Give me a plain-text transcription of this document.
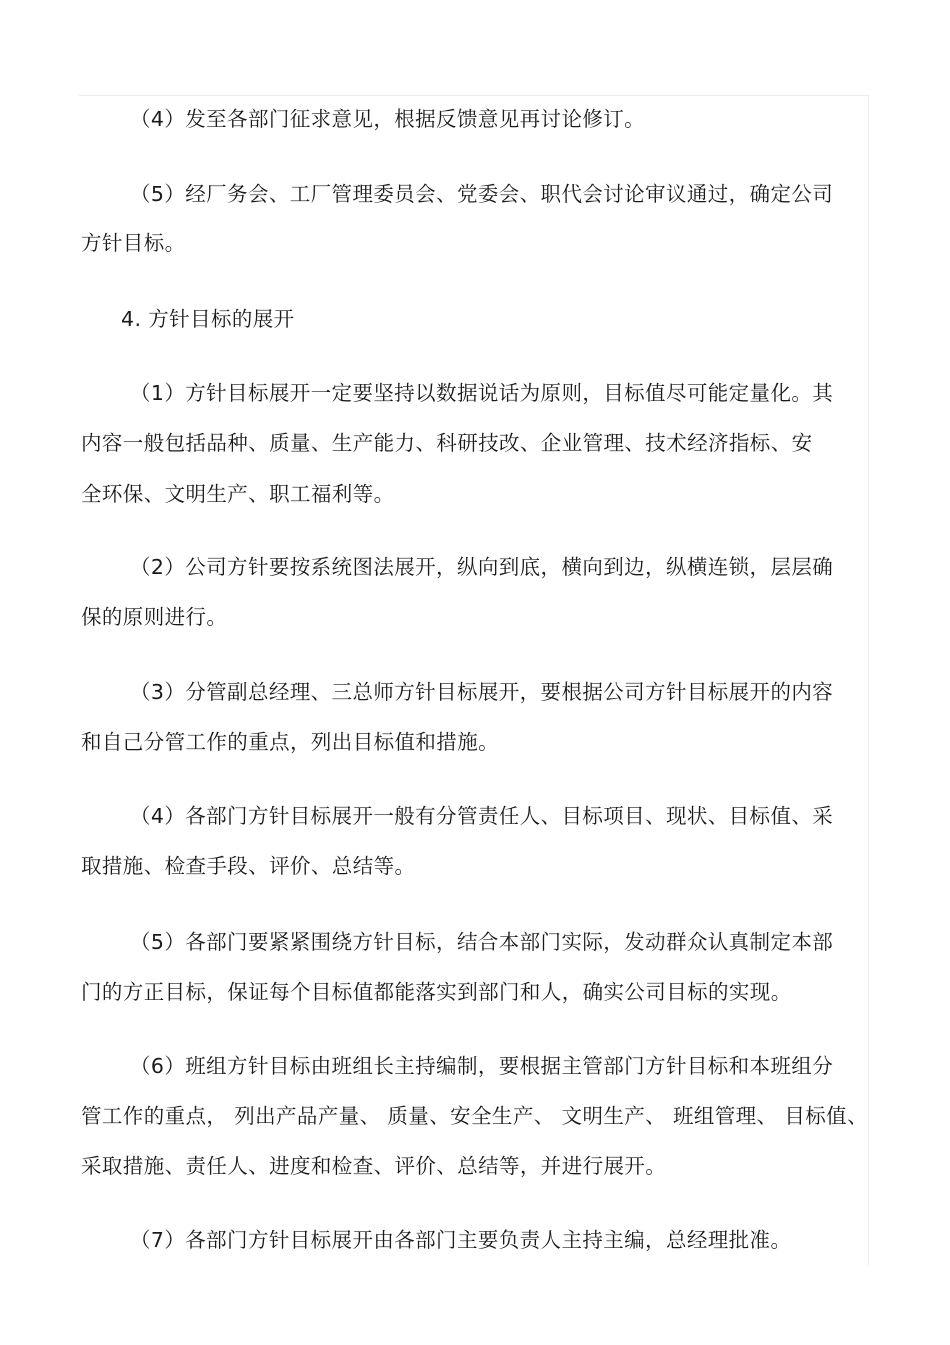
（4）发至各部门征求意见，根据反馈意见再讨论修订。
（5）经厂务会、工厂管理委员会、党委会、职代会讨论审议通过，确定公司
方针目标。
4. 方针目标的展开
（1）方针目标展开一定要坚持以数据说话为原则，目标值尽可能定量化。其
内容一般包括品种、质量、生产能力、科研技改、企业管理、技术经济指标、安
全环保、文明生产、职工福利等。
（2）公司方针要按系统图法展开，纵向到底，横向到边，纵横连锁，层层确
保的原则进行。
（3）分管副总经理、三总师方针目标展开，要根据公司方针目标展开的内容
和自己分管工作的重点，列出目标值和措施。
（4）各部门方针目标展开一般有分管责任人、目标项目、现状、目标值、采
取措施、检查手段、评价、总结等。
（5）各部门要紧紧围绕方针目标，结合本部门实际，发动群众认真制定本部
门的方正目标，保证每个目标值都能落实到部门和人，确实公司目标的实现。
（6）班组方针目标由班组长主持编制，要根据主管部门方针目标和本班组分
管工作的重点， 列出产品产量、 质量、安全生产、 文明生产、 班组管理、 目标值、
采取措施、责任人、进度和检查、评价、总结等，并进行展开。
（7）各部门方针目标展开由各部门主要负责人主持主编，总经理批准。
